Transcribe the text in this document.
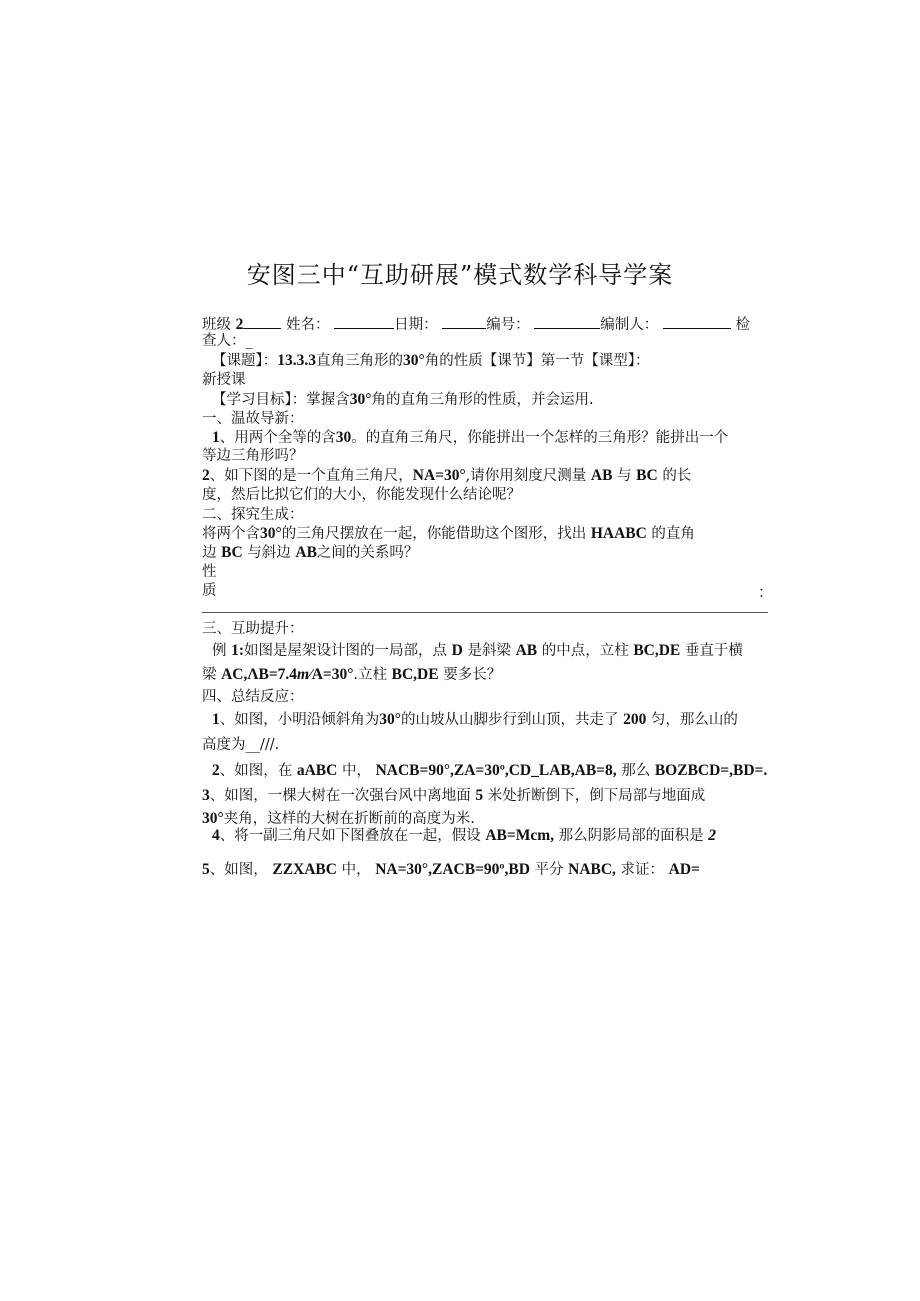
安图三中“互助研展”模式数学科导学案
班级 2	姓名：	日期：	编号：	编制人：	检
查人：_
【课题】：13.3.3直角三角形的30°角的性质【课节】第一节【课型】：
新授课
【学习目标】：掌握含30°角的直角三角形的性质，并会运用.
一、温故导新：
1、用两个全等的含30。的直角三角尺，你能拼出一个怎样的三角形？能拼出一个
等边三角形吗？
2、如下图的是一个直角三角尺，NA=30°,请你用刻度尺测量 AB 与 BC 的长
度，然后比拟它们的大小，你能发现什么结论呢？
二、探究生成：
将两个含30°的三角尺摆放在一起，你能借助这个图形，找出 HAABC 的直角
边 BC 与斜边 AB之间的关系吗？
性
质	：
三、互助提升：
例 1:如图是屋架设计图的一局部，点 D 是斜梁 AB 的中点，立柱 BC,DE 垂直于横
梁 AC,ΛB=7.4m∕A=30°.立柱 BC,DE 要多长？
四、总结反应：
1、如图，小明沿倾斜角为30°的山坡从山脚步行到山顶，共走了 200 匀，那么山的
高度为__///.
2、如图，在 aABC 中， NACB=90°,ZA=30º,CD_LAB,AB=8, 那么 BOZBCD=,BD=.
3、如图，一棵大树在一次强台风中离地面 5 米处折断倒下，倒下局部与地面成
30°夹角，这样的大树在折断前的高度为米.
4、将一副三角尺如下图叠放在一起，假设 AB=Mcm, 那么阴影局部的面积是 2
5、如图， ZZXABC 中， NA=30°,ZACB=90º,BD 平分 NABC, 求证： AD=
